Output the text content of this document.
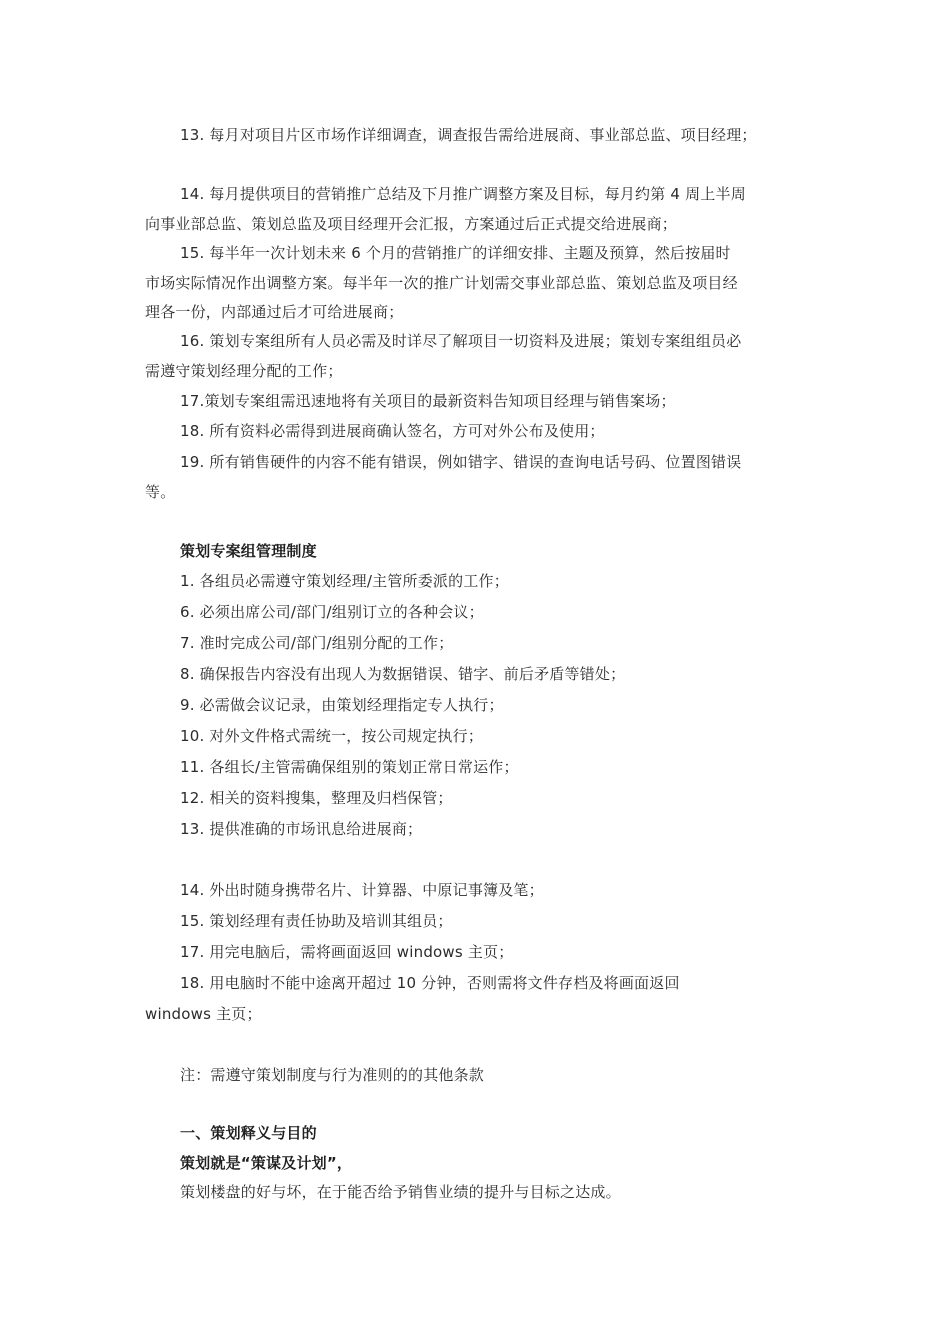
13. 每月对项目片区市场作详细调查，调查报告需给进展商、事业部总监、项目经理；
14. 每月提供项目的营销推广总结及下月推广调整方案及目标，每月约第 4 周上半周
向事业部总监、策划总监及项目经理开会汇报，方案通过后正式提交给进展商；
15. 每半年一次计划未来 6 个月的营销推广的详细安排、主题及预算，然后按届时
市场实际情况作出调整方案。每半年一次的推广计划需交事业部总监、策划总监及项目经
理各一份，内部通过后才可给进展商；
16. 策划专案组所有人员必需及时详尽了解项目一切资料及进展；策划专案组组员必
需遵守策划经理分配的工作；
17.策划专案组需迅速地将有关项目的最新资料告知项目经理与销售案场；
18. 所有资料必需得到进展商确认签名，方可对外公布及使用；
19. 所有销售硬件的内容不能有错误，例如错字、错误的查询电话号码、位置图错误
等。
策划专案组管理制度
1. 各组员必需遵守策划经理/主管所委派的工作；
6. 必须出席公司/部门/组别订立的各种会议；
7. 准时完成公司/部门/组别分配的工作；
8. 确保报告内容没有出现人为数据错误、错字、前后矛盾等错处；
9. 必需做会议记录，由策划经理指定专人执行；
10. 对外文件格式需统一，按公司规定执行；
11. 各组长/主管需确保组别的策划正常日常运作；
12. 相关的资料搜集，整理及归档保管；
13. 提供准确的市场讯息给进展商；
14. 外出时随身携带名片、计算器、中原记事簿及笔；
15. 策划经理有责任协助及培训其组员；
17. 用完电脑后，需将画面返回 windows 主页；
18. 用电脑时不能中途离开超过 10 分钟，否则需将文件存档及将画面返回
windows 主页；
注：需遵守策划制度与行为准则的的其他条款
一、策划释义与目的
策划就是“策谋及计划”，
策划楼盘的好与坏，在于能否给予销售业绩的提升与目标之达成。
